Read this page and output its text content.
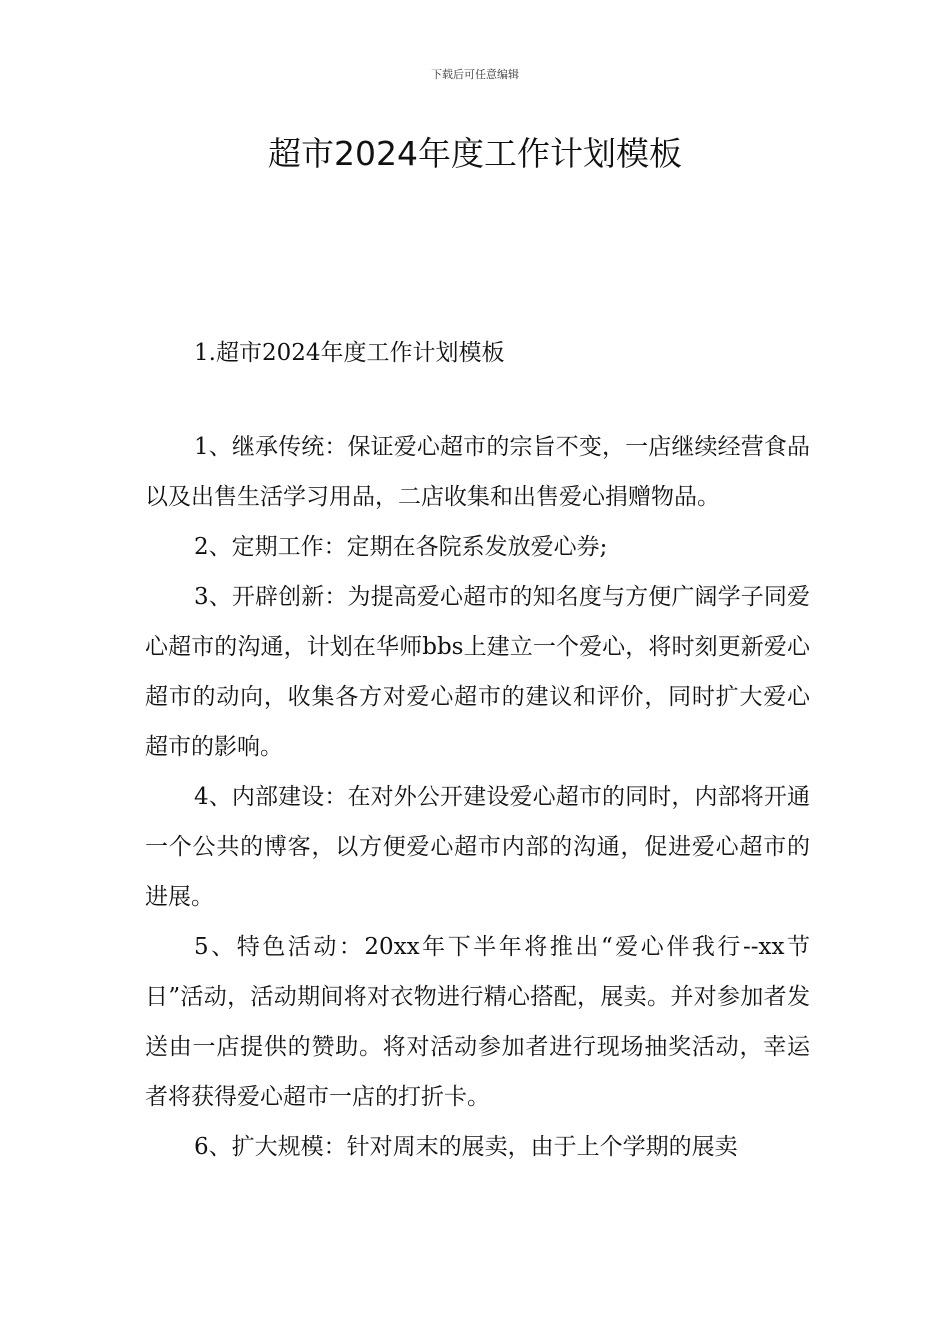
下载后可任意编辑
超市2024年度工作计划模板

1.超市2024年度工作计划模板

1、继承传统：保证爱心超市的宗旨不变，一店继续经营食品以及出售生活学习用品，二店收集和出售爱心捐赠物品。

2、定期工作：定期在各院系发放爱心券;

3、开辟创新：为提高爱心超市的知名度与方便广阔学子同爱心超市的沟通，计划在华师bbs上建立一个爱心，将时刻更新爱心超市的动向，收集各方对爱心超市的建议和评价，同时扩大爱心超市的影响。

4、内部建设：在对外公开建设爱心超市的同时，内部将开通一个公共的博客，以方便爱心超市内部的沟通，促进爱心超市的进展。

5、特色活动：20xx年下半年将推出“爱心伴我行--xx节日”活动，活动期间将对衣物进行精心搭配，展卖。并对参加者发送由一店提供的赞助。将对活动参加者进行现场抽奖活动，幸运者将获得爱心超市一店的打折卡。

6、扩大规模：针对周末的展卖，由于上个学期的展卖
